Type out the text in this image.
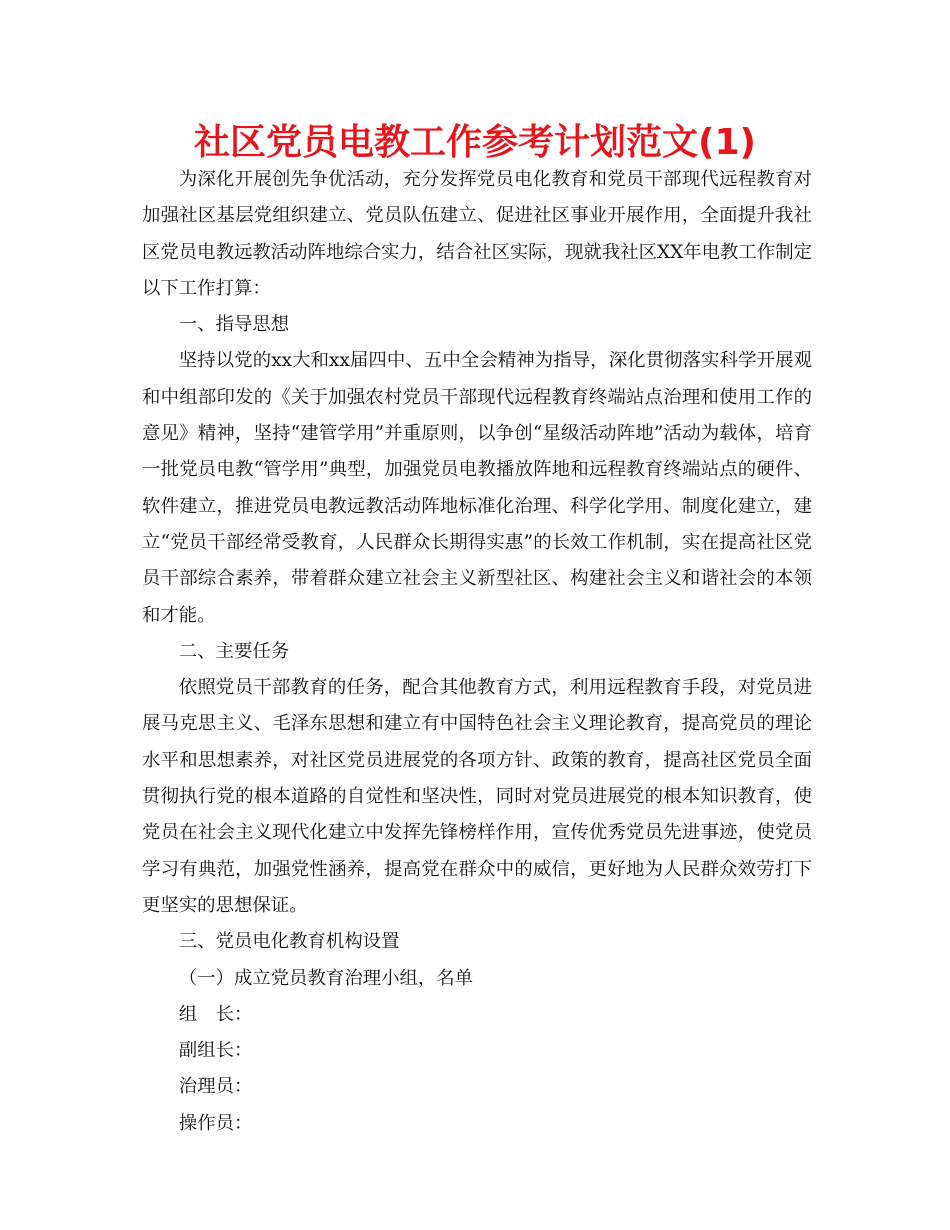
社区党员电教工作参考计划范文(1)

为深化开展创先争优活动，充分发挥党员电化教育和党员干部现代远程教育对加强社区基层党组织建立、党员队伍建立、促进社区事业开展作用，全面提升我社区党员电教远教活动阵地综合实力，结合社区实际，现就我社区XX年电教工作制定以下工作打算：

一、指导思想

坚持以党的xx大和xx届四中、五中全会精神为指导，深化贯彻落实科学开展观和中组部印发的《关于加强农村党员干部现代远程教育终端站点治理和使用工作的意见》精神，坚持“建管学用”并重原则，以争创“星级活动阵地”活动为载体，培育一批党员电教“管学用”典型，加强党员电教播放阵地和远程教育终端站点的硬件、软件建立，推进党员电教远教活动阵地标准化治理、科学化学用、制度化建立，建立“党员干部经常受教育，人民群众长期得实惠”的长效工作机制，实在提高社区党员干部综合素养，带着群众建立社会主义新型社区、构建社会主义和谐社会的本领和才能。

二、主要任务

依照党员干部教育的任务，配合其他教育方式，利用远程教育手段，对党员进展马克思主义、毛泽东思想和建立有中国特色社会主义理论教育，提高党员的理论水平和思想素养，对社区党员进展党的各项方针、政策的教育，提高社区党员全面贯彻执行党的根本道路的自觉性和坚决性，同时对党员进展党的根本知识教育，使党员在社会主义现代化建立中发挥先锋榜样作用，宣传优秀党员先进事迹，使党员学习有典范，加强党性涵养，提高党在群众中的威信，更好地为人民群众效劳打下更坚实的思想保证。

三、党员电化教育机构设置

（一）成立党员教育治理小组，名单

组　长：

副组长：

治理员：

操作员：
